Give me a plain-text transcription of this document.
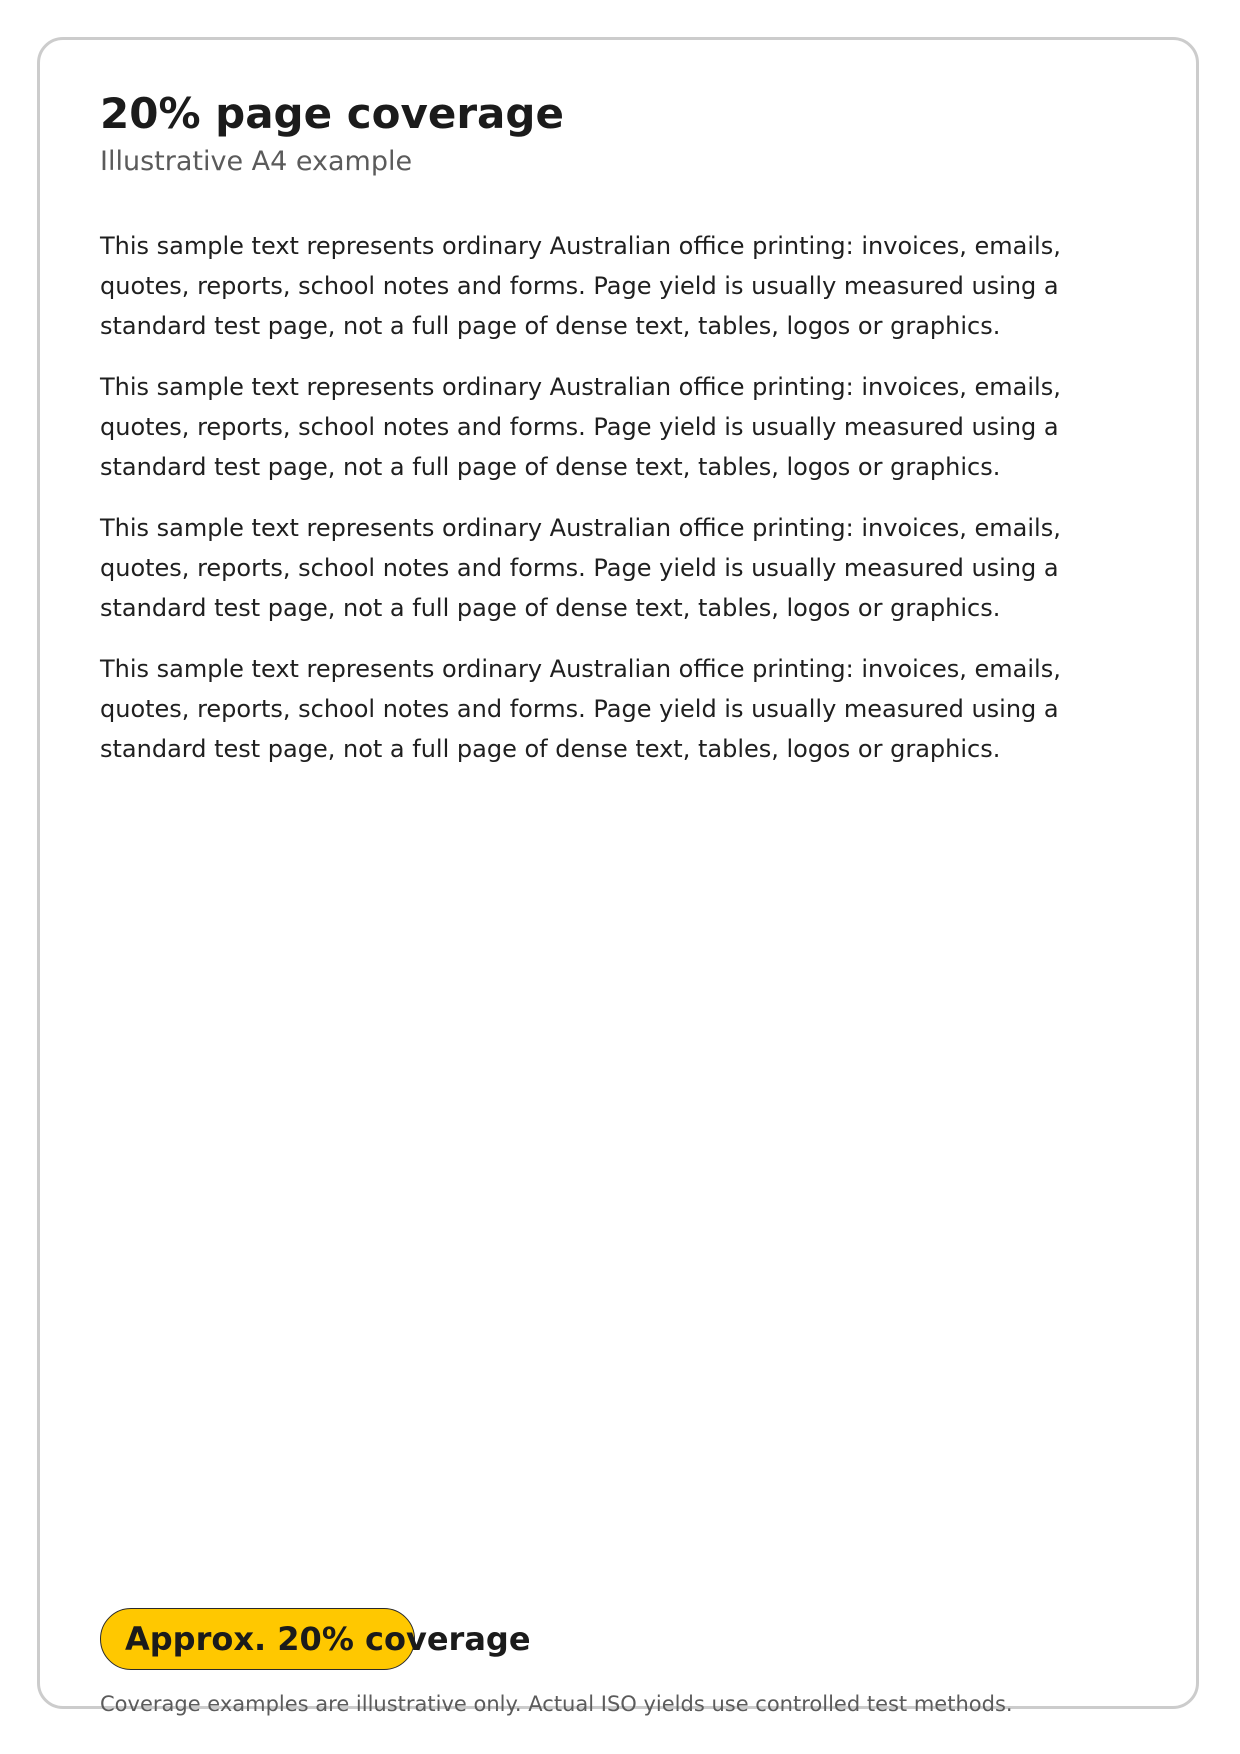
20% page coverage

Illustrative A4 example

This sample text represents ordinary Australian office printing: invoices, emails, quotes, reports, school notes and forms. Page yield is usually measured using a standard test page, not a full page of dense text, tables, logos or graphics.

This sample text represents ordinary Australian office printing: invoices, emails, quotes, reports, school notes and forms. Page yield is usually measured using a standard test page, not a full page of dense text, tables, logos or graphics.

This sample text represents ordinary Australian office printing: invoices, emails, quotes, reports, school notes and forms. Page yield is usually measured using a standard test page, not a full page of dense text, tables, logos or graphics.

This sample text represents ordinary Australian office printing: invoices, emails, quotes, reports, school notes and forms. Page yield is usually measured using a standard test page, not a full page of dense text, tables, logos or graphics.

Approx. 20% coverage

Coverage examples are illustrative only. Actual ISO yields use controlled test methods.
